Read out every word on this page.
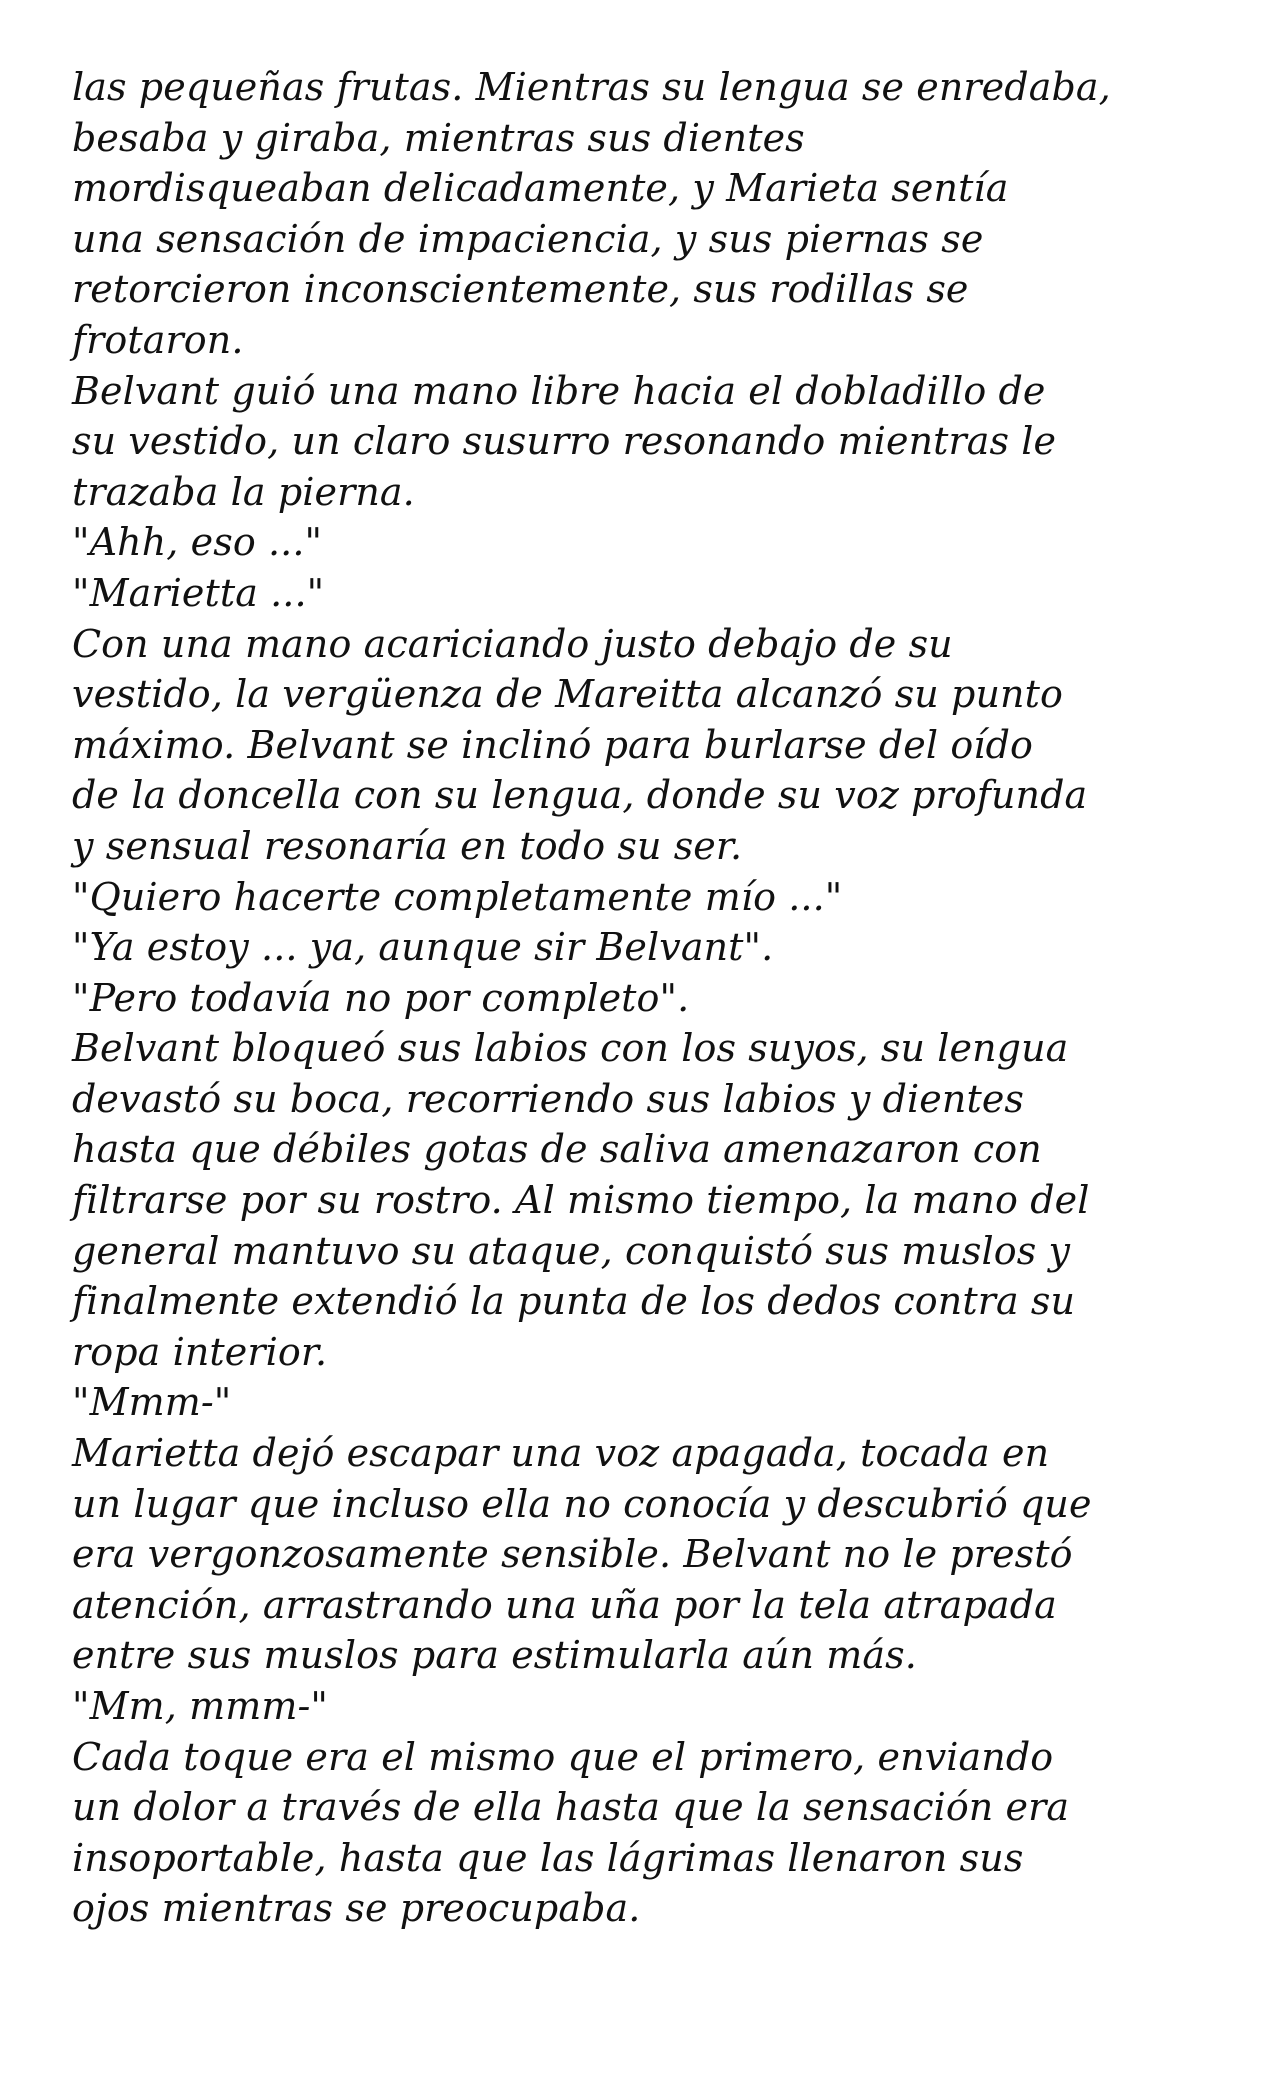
las pequeñas frutas. Mientras su lengua se enredaba,
besaba y giraba, mientras sus dientes
mordisqueaban delicadamente, y Marieta sentía
una sensación de impaciencia, y sus piernas se
retorcieron inconscientemente, sus rodillas se
frotaron.
Belvant guió una mano libre hacia el dobladillo de
su vestido, un claro susurro resonando mientras le
trazaba la pierna.
"Ahh, eso ..."
"Marietta ..."
Con una mano acariciando justo debajo de su
vestido, la vergüenza de Mareitta alcanzó su punto
máximo. Belvant se inclinó para burlarse del oído
de la doncella con su lengua, donde su voz profunda
y sensual resonaría en todo su ser.
"Quiero hacerte completamente mío ..."
"Ya estoy ... ya, aunque sir Belvant".
"Pero todavía no por completo".
Belvant bloqueó sus labios con los suyos, su lengua
devastó su boca, recorriendo sus labios y dientes
hasta que débiles gotas de saliva amenazaron con
filtrarse por su rostro. Al mismo tiempo, la mano del
general mantuvo su ataque, conquistó sus muslos y
finalmente extendió la punta de los dedos contra su
ropa interior.
"Mmm-"
Marietta dejó escapar una voz apagada, tocada en
un lugar que incluso ella no conocía y descubrió que
era vergonzosamente sensible. Belvant no le prestó
atención, arrastrando una uña por la tela atrapada
entre sus muslos para estimularla aún más.
"Mm, mmm-"
Cada toque era el mismo que el primero, enviando
un dolor a través de ella hasta que la sensación era
insoportable, hasta que las lágrimas llenaron sus
ojos mientras se preocupaba.
